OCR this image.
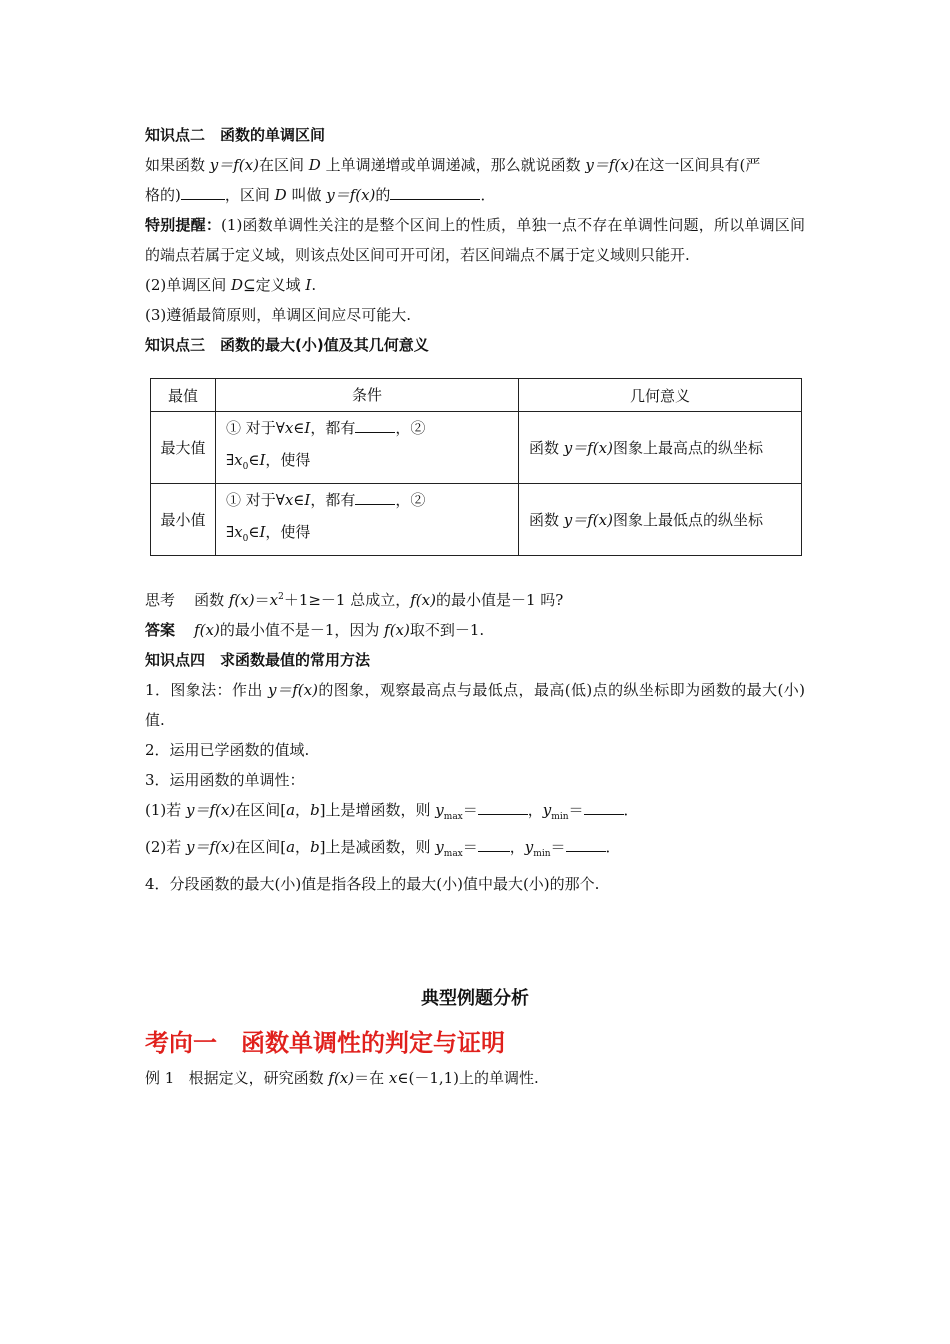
知识点二　函数的单调区间
如果函数 y＝f(x)在区间 D 上单调递增或单调递减，那么就说函数 y＝f(x)在这一区间具有(严
格的)	，区间 D 叫做 y＝f(x)的	．
特别提醒：(1)函数单调性关注的是整个区间上的性质，单独一点不存在单调性问题，所以单调区间的端点若属于定义域，则该点处区间可开可闭，若区间端点不属于定义域则只能开.
(2)单调区间 D⊆定义域 I.
(3)遵循最简原则，单调区间应尽可能大.
知识点三　函数的最大(小)值及其几何意义
最值	条件	几何意义
最大值	① 对于∀x∈I，都有 ，②
$\exists x_0\in I$，使得	函数 y＝f(x)图象上最高点的纵坐标
最小值	① 对于∀x∈I，都有 ，②
$\exists x_0\in I$，使得	函数 y＝f(x)图象上最低点的纵坐标
思考 函数 $f(x)=x^2+1\ge-1$ 总成立，f(x)的最小值是－1 吗?
答案 f(x)的最小值不是－1，因为 f(x)取不到－1.
知识点四　求函数最值的常用方法
1．图象法：作出 y＝f(x)的图象，观察最高点与最低点，最高(低)点的纵坐标即为函数的最大(小)值.
2．运用已学函数的值域.
3．运用函数的单调性：
(1)若 y＝f(x)在区间[a，b]上是增函数，则 $y_{max}=$	，$y_{min}=$	．
(2)若 y＝f(x)在区间[a，b]上是减函数，则 $y_{max}=$ ，$y_{min}=$	．
4．分段函数的最大(小)值是指各段上的最大(小)值中最大(小)的那个.
典型例题分析
考向一　函数单调性的判定与证明
例 1 根据定义，研究函数 f(x)＝在 x∈(－1,1)上的单调性.
